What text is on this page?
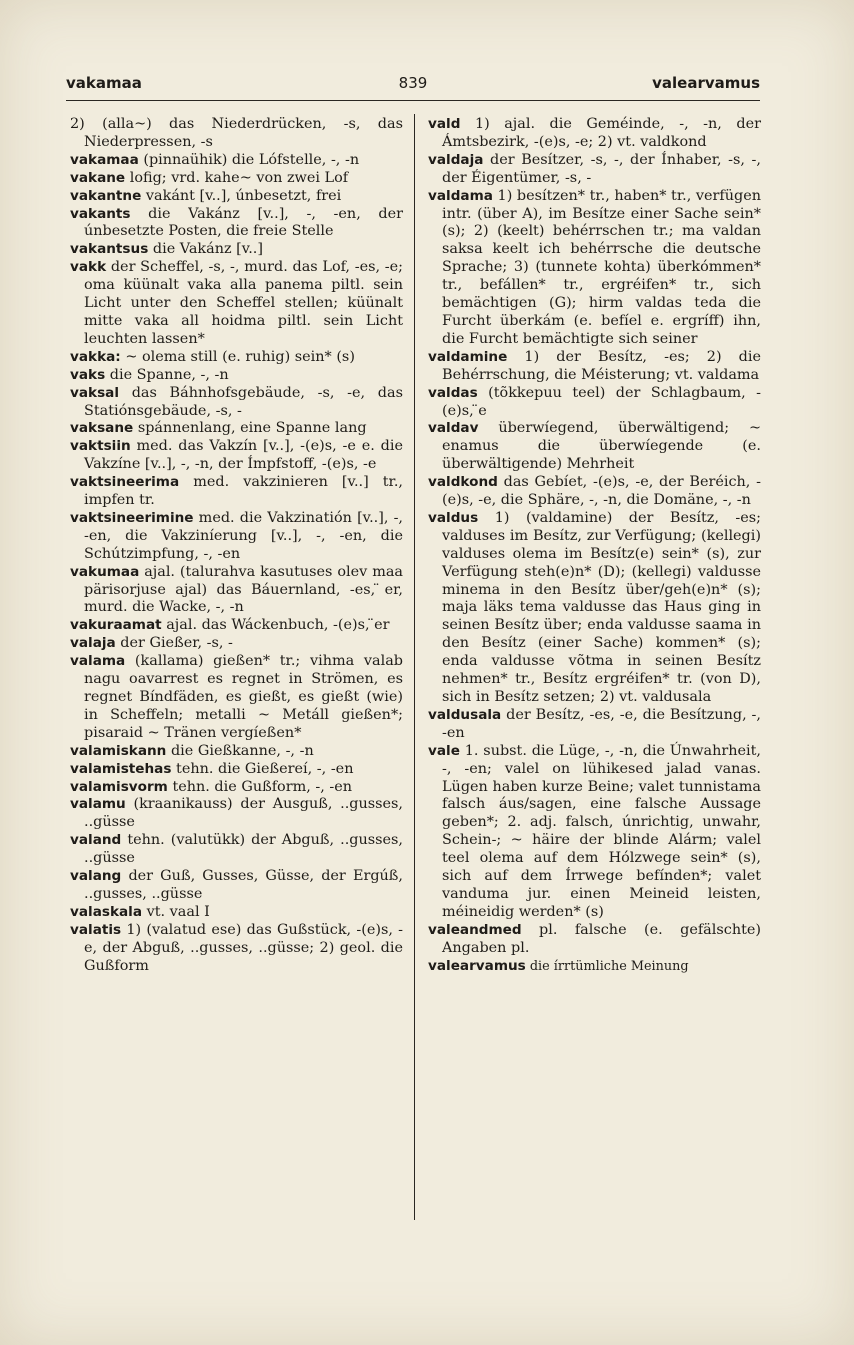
vakamaa	839	valearvamus

2) (alla~) das Niederdrücken, -s, das Niederpressen, -s

vakamaa (pinnaühik) die Lófstelle, -, -n

vakane lofig; vrd. kahe~ von zwei Lof

vakantne vakánt [v..], únbesetzt, frei

vakants die Vakánz [v..], -, -en, der únbesetzte Posten, die freie Stelle

vakantsus die Vakánz [v..]

vakk der Scheffel, -s, -, murd. das Lof, -es, -e; oma küünalt vaka alla panema piltl. sein Licht unter den Scheffel stellen; küünalt mitte vaka all hoidma piltl. sein Licht leuchten lassen*

vakka: ~ olema still (e. ruhig) sein* (s)

vaks die Spanne, -, -n

vaksal das Báhnhofsgebäude, -s, -e, das Statiónsgebäude, -s, -

vaksane spánnenlang, eine Spanne lang

vaktsiin med. das Vakzín [v..], -(e)s, -e e. die Vakzíne [v..], -, -n, der Ímpfstoff, -(e)s, -e

vaktsineerima med. vakzinieren [v..] tr., impfen tr.

vaktsineerimine med. die Vakzinatión [v..], -, -en, die Vakziníerung [v..], -, -en, die Schútzimpfung, -, -en

vakumaa ajal. (talurahva kasutuses olev maa pärisorjuse ajal) das Báuernland, -es, ̈er, murd. die Wacke, -, -n

vakuraamat ajal. das Wáckenbuch, -(e)s, ̈er

valaja der Gießer, -s, -

valama (kallama) gießen* tr.; vihma valab nagu oavarrest es regnet in Strömen, es regnet Bíndfäden, es gießt, es gießt (wie) in Scheffeln; metalli ~ Metáll gießen*; pisaraid ~ Tränen vergíeßen*

valamiskann die Gießkanne, -, -n

valamistehas tehn. die Gießerеí, -, -en

valamisvorm tehn. die Gußform, -, -en

valamu (kraanikauss) der Ausguß, ..gusses, ..güsse

valand tehn. (valutükk) der Abguß, ..gusses, ..güsse

valang der Guß, Gusses, Güsse, der Ergúß, ..gusses, ..güsse

valaskala vt. vaal I

valatis 1) (valatud ese) das Gußstück, -(e)s, -e, der Abguß, ..gusses, ..güsse; 2) geol. die Gußform

vald 1) ajal. die Geméinde, -, -n, der Ámtsbezirk, -(e)s, -e; 2) vt. valdkond

valdaja der Besítzer, -s, -, der Ínhaber, -s, -, der Éigentümer, -s, -

valdama 1) besítzen* tr., haben* tr., verfügen intr. (über A), im Besítze einer Sache sein* (s); 2) (keelt) behérrschen tr.; ma valdan saksa keelt ich behérrsche die deutsche Sprache; 3) (tunnete kohta) überkómmen* tr., befállen* tr., ergréifen* tr., sich bemächtigen (G); hirm valdas teda die Furcht überkám (e. befíel e. ergríff) ihn, die Furcht bemächtigte sich seiner

valdamine 1) der Besítz, -es; 2) die Behérrschung, die Méisterung; vt. valdama

valdas (tõkkepuu teel) der Schlagbaum, -(e)s, ̈e

valdav überwíegend, überwältigend; ~ enamus die überwíegende (e. überwältigende) Mehrheit

valdkond das Gebíet, -(e)s, -e, der Beréich, -(e)s, -e, die Sphäre, -, -n, die Domäne, -, -n

valdus 1) (valdamine) der Besítz, -es; valduses im Besítz, zur Verfügung; (kellegi) valduses olema im Besítz(e) sein* (s), zur Verfügung steh(e)n* (D); (kellegi) valdusse minema in den Besítz über/geh(e)n* (s); maja läks tema valdusse das Haus ging in seinen Besítz über; enda valdusse saama in den Besítz (einer Sache) kommen* (s); enda valdusse võtma in seinen Besítz nehmen* tr., Besítz ergréifen* tr. (von D), sich in Besítz setzen; 2) vt. valdusala

valdusala der Besítz, -es, -e, die Besítzung, -, -en

vale 1. subst. die Lüge, -, -n, die Únwahrheit, -, -en; valel on lühikesed jalad vanas. Lügen haben kurze Beine; valet tunnistama falsch áus/sagen, eine falsche Aussage geben*; 2. adj. falsch, únrichtig, unwahr, Schein-; ~ häire der blinde Alárm; valel teel olema auf dem Hólzwege sein* (s), sich auf dem Írrwege befínden*; valet vanduma jur. einen Meineid leisten, méineidig werden* (s)

valeandmed pl. falsche (e. gefälschte) Angaben pl.

valearvamus die írrtümliche Meinung
